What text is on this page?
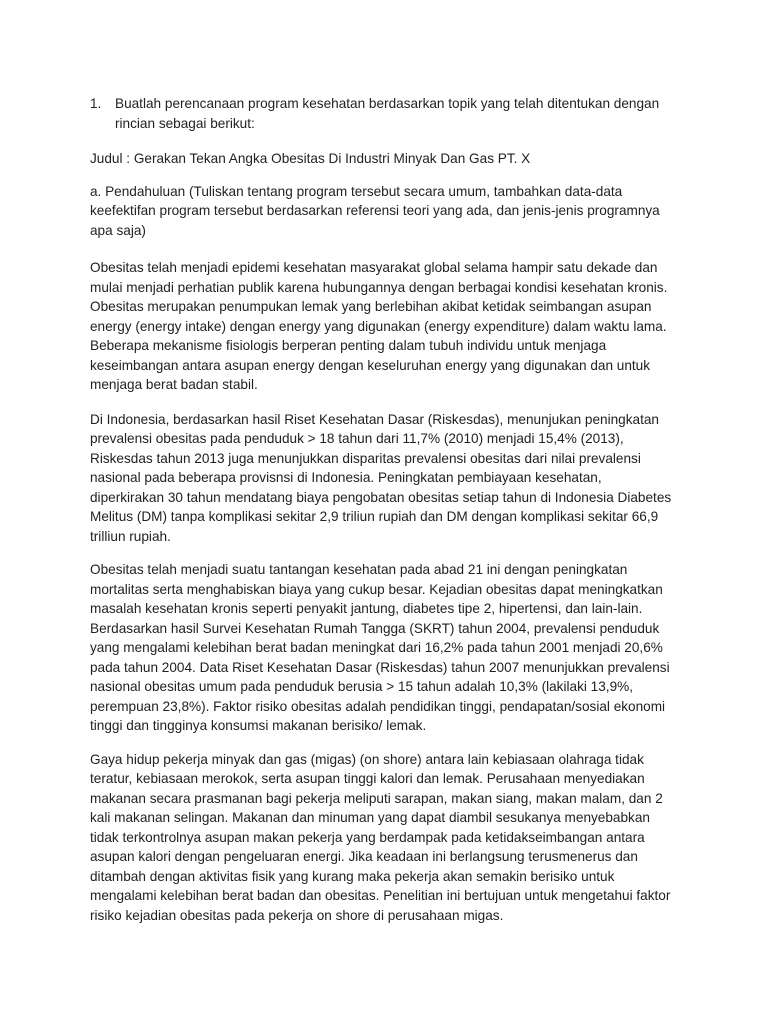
1.	Buatlah perencanaan program kesehatan berdasarkan topik yang telah ditentukan dengan rincian sebagai berikut:

Judul : Gerakan Tekan Angka Obesitas Di Industri Minyak Dan Gas PT. X

a. Pendahuluan (Tuliskan tentang program tersebut secara umum, tambahkan data-data keefektifan program tersebut berdasarkan referensi teori yang ada, dan jenis-jenis programnya apa saja)

Obesitas telah menjadi epidemi kesehatan masyarakat global selama hampir satu dekade dan mulai menjadi perhatian publik karena hubungannya dengan berbagai kondisi kesehatan kronis. Obesitas merupakan penumpukan lemak yang berlebihan akibat ketidak seimbangan asupan energy (energy intake) dengan energy yang digunakan (energy expenditure) dalam waktu lama. Beberapa mekanisme fisiologis berperan penting dalam tubuh individu untuk menjaga keseimbangan antara asupan energy dengan keseluruhan energy yang digunakan dan untuk menjaga berat badan stabil.

Di Indonesia, berdasarkan hasil Riset Kesehatan Dasar (Riskesdas), menunjukan peningkatan prevalensi obesitas pada penduduk > 18 tahun dari 11,7% (2010) menjadi 15,4% (2013), Riskesdas tahun 2013 juga menunjukkan disparitas prevalensi obesitas dari nilai prevalensi nasional pada beberapa provisnsi di Indonesia. Peningkatan pembiayaan kesehatan, diperkirakan 30 tahun mendatang biaya pengobatan obesitas setiap tahun di Indonesia Diabetes Melitus (DM) tanpa komplikasi sekitar 2,9 triliun rupiah dan DM dengan komplikasi sekitar 66,9 trilliun rupiah.

Obesitas telah menjadi suatu tantangan kesehatan pada abad 21 ini dengan peningkatan mortalitas serta menghabiskan biaya yang cukup besar. Kejadian obesitas dapat meningkatkan masalah kesehatan kronis seperti penyakit jantung, diabetes tipe 2, hipertensi, dan lain-lain. Berdasarkan hasil Survei Kesehatan Rumah Tangga (SKRT) tahun 2004, prevalensi penduduk yang mengalami kelebihan berat badan meningkat dari 16,2% pada tahun 2001 menjadi 20,6% pada tahun 2004. Data Riset Kesehatan Dasar (Riskesdas) tahun 2007 menunjukkan prevalensi nasional obesitas umum pada penduduk berusia > 15 tahun adalah 10,3% (lakilaki 13,9%, perempuan 23,8%). Faktor risiko obesitas adalah pendidikan tinggi, pendapatan/sosial ekonomi tinggi dan tingginya konsumsi makanan berisiko/ lemak.

Gaya hidup pekerja minyak dan gas (migas) (on shore) antara lain kebiasaan olahraga tidak teratur, kebiasaan merokok, serta asupan tinggi kalori dan lemak. Perusahaan menyediakan makanan secara prasmanan bagi pekerja meliputi sarapan, makan siang, makan malam, dan 2 kali makanan selingan. Makanan dan minuman yang dapat diambil sesukanya menyebabkan tidak terkontrolnya asupan makan pekerja yang berdampak pada ketidakseimbangan antara asupan kalori dengan pengeluaran energi. Jika keadaan ini berlangsung terusmenerus dan ditambah dengan aktivitas fisik yang kurang maka pekerja akan semakin berisiko untuk mengalami kelebihan berat badan dan obesitas. Penelitian ini bertujuan untuk mengetahui faktor risiko kejadian obesitas pada pekerja on shore di perusahaan migas.
